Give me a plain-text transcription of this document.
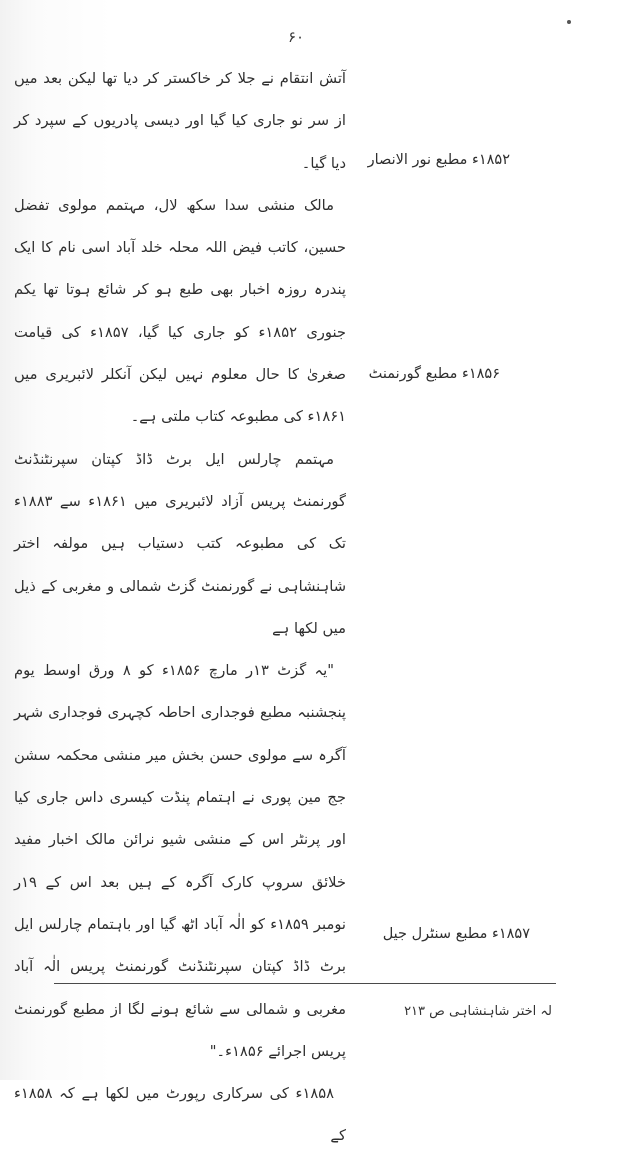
۶۰

آتش انتقام نے جلا کر خاکستر کر دیا تھا لیکن بعد میں از سر نو جاری کیا گیا اور دیسی پادریوں کے سپرد کر دیا گیا۔

مالک منشی سدا سکھ لال، مہتمم مولوی تفضل حسین، کاتب فیض اللہ محلہ خلد آباد اسی نام کا ایک پندرہ روزہ اخبار بھی طبع ہو کر شائع ہوتا تھا یکم جنوری ۱۸۵۲ء کو جاری کیا گیا، ۱۸۵۷ء کی قیامت صغریٰ کا حال معلوم نہیں لیکن آنکلر لائبریری میں ۱۸۶۱ء کی مطبوعہ کتاب ملتی ہے۔

مہتمم چارلس ایل برٹ ڈاڈ کپتان سپرنٹنڈنٹ گورنمنٹ پریس آزاد لائبریری میں ۱۸۶۱ء سے ۱۸۸۳ء تک کی مطبوعہ کتب دستیاب ہیں مولفہ اختر شاہنشاہی نے گورنمنٹ گزٹ شمالی و مغربی کے ذیل میں لکھا ہے

"یہ گزٹ ۱۳ر مارچ ۱۸۵۶ء کو ۸ ورق اوسط یوم پنجشنبہ مطبع فوجداری احاطہ کچہری فوجداری شہر آگرہ سے مولوی حسن بخش میر منشی محکمہ سشن جج مین پوری نے اہتمام پنڈت کیسری داس جاری کیا اور پرنٹر اس کے منشی شیو نرائن مالک اخبار مفید خلائق سروپ کارک آگرہ کے ہیں بعد اس کے ۱۹ر نومبر ۱۸۵۹ء کو الٰہ آباد اٹھ گیا اور باہتمام چارلس ایل برٹ ڈاڈ کپتان سپرنٹنڈنٹ گورنمنٹ پریس الٰہ آباد مغربی و شمالی سے شائع ہونے لگا از مطبع گورنمنٹ پریس اجرائے ۱۸۵۶ء۔"

۱۸۵۸ء کی سرکاری رپورٹ میں لکھا ہے کہ ۱۸۵۸ء کے

۱۸۵۲ء مطبع نور الانصار
۱۸۵۶ء مطبع گورنمنٹ
۱۸۵۷ء مطبع سنٹرل جیل
لہ اختر شاہنشاہی ص ۲۱۳
